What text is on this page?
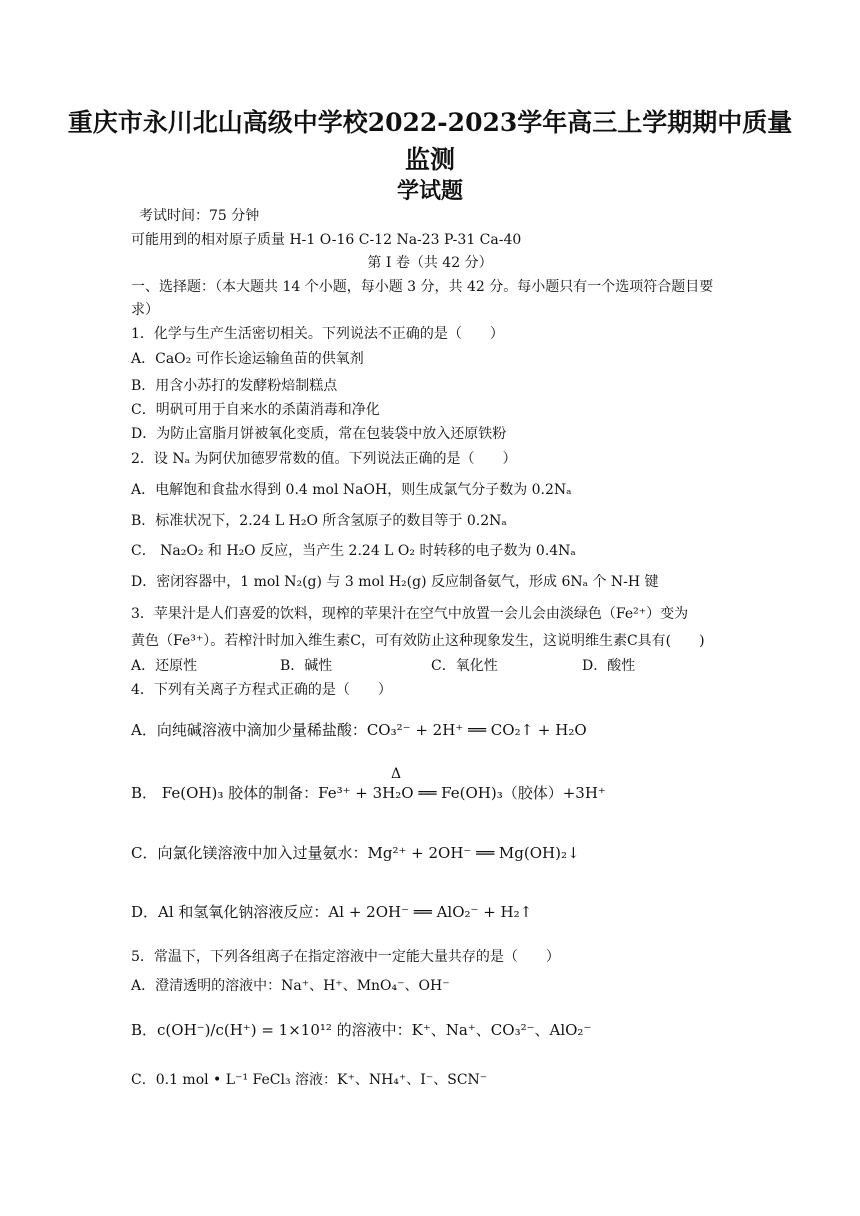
重庆市永川北山高级中学校2022-2023学年高三上学期期中质量
监测
学试题
考试时间：75 分钟
可能用到的相对原子质量 H-1 O-16 C-12 Na-23 P-31 Ca-40
第 I 卷（共 42 分）
一、选择题：（本大题共 14 个小题，每小题 3 分，共 42 分。每小题只有一个选项符合题目要求）
1．化学与生产生活密切相关。下列说法不正确的是（　　）
A．CaO₂ 可作长途运输鱼苗的供氧剂
B．用含小苏打的发酵粉焙制糕点
C．明矾可用于自来水的杀菌消毒和净化
D．为防止富脂月饼被氧化变质，常在包装袋中放入还原铁粉
2．设 Nₐ 为阿伏加德罗常数的值。下列说法正确的是（　　）
A．电解饱和食盐水得到 0.4 mol NaOH，则生成氯气分子数为 0.2Nₐ
B．标准状况下，2.24 L H₂O 所含氢原子的数目等于 0.2Nₐ
C． Na₂O₂ 和 H₂O 反应，当产生 2.24 L O₂ 时转移的电子数为 0.4Nₐ
D．密闭容器中，1 mol N₂(g) 与 3 mol H₂(g) 反应制备氨气，形成 6Nₐ 个 N-H 键
3．苹果汁是人们喜爱的饮料，现榨的苹果汁在空气中放置一会儿会由淡绿色（Fe²⁺）变为
黄色（Fe³⁺）。若榨汁时加入维生素C，可有效防止这种现象发生，这说明维生素C具有(　　)
A．还原性	B．碱性	C．氧化性	D．酸性
4．下列有关离子方程式正确的是（　　）
A．向纯碱溶液中滴加少量稀盐酸：CO₃²⁻ + 2H⁺ ══ CO₂↑ + H₂O
Δ
B． Fe(OH)₃ 胶体的制备：Fe³⁺ + 3H₂O ══ Fe(OH)₃（胶体）+3H⁺
C．向氯化镁溶液中加入过量氨水：Mg²⁺ + 2OH⁻ ══ Mg(OH)₂↓
D．Al 和氢氧化钠溶液反应：Al + 2OH⁻ ══ AlO₂⁻ + H₂↑
5．常温下，下列各组离子在指定溶液中一定能大量共存的是（　　）
A．澄清透明的溶液中：Na⁺、H⁺、MnO₄⁻、OH⁻
B．c(OH⁻)/c(H⁺) = 1×10¹² 的溶液中：K⁺、Na⁺、CO₃²⁻、AlO₂⁻
C．0.1 mol • L⁻¹ FeCl₃ 溶液：K⁺、NH₄⁺、I⁻、SCN⁻
